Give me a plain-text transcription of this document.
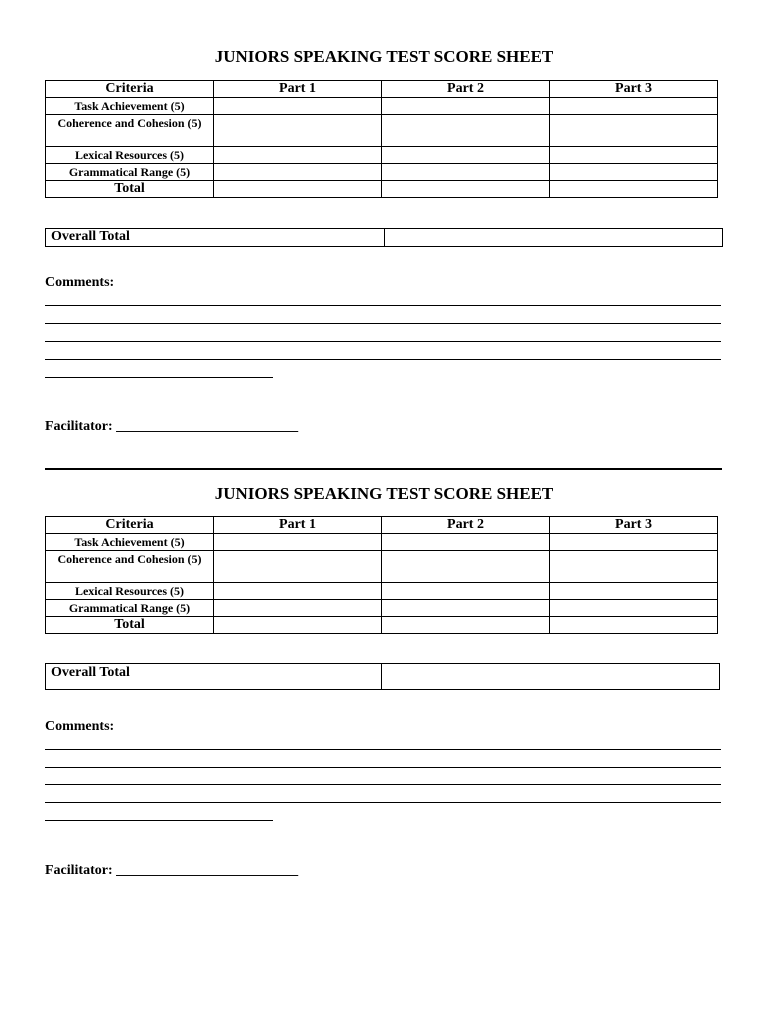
JUNIORS SPEAKING TEST SCORE SHEET
Criteria	Part 1	Part 2	Part 3
Task Achievement (5)			
Coherence and Cohesion (5)			
Lexical Resources (5)			
Grammatical Range (5)			
Total			
Overall Total	
Comments:
Facilitator: __________________________
JUNIORS SPEAKING TEST SCORE SHEET
Criteria	Part 1	Part 2	Part 3
Task Achievement (5)			
Coherence and Cohesion (5)			
Lexical Resources (5)			
Grammatical Range (5)			
Total			
Overall Total	
Comments:
Facilitator: __________________________
